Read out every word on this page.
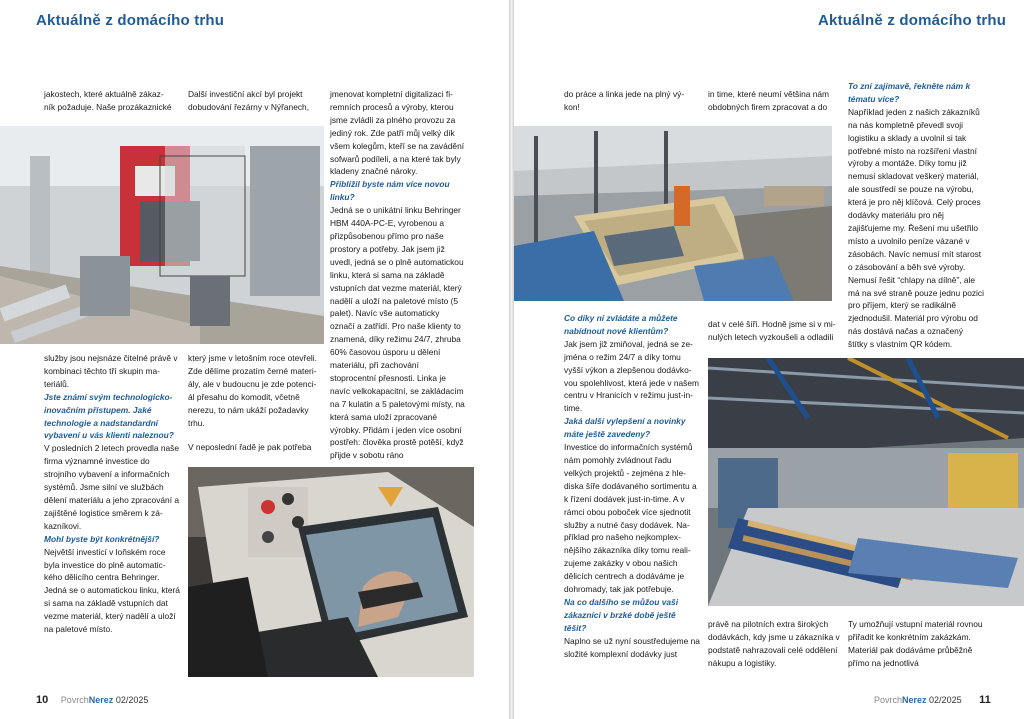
Aktuálně z domácího trhu

jakostech, které aktuálně zákazník požaduje. Naše prozákaznické

Další investiční akcí byl projekt dobudování řezárny v Nýřanech,

jmenovat kompletní digitalizaci firemních procesů a výroby, kterou jsme zvládli za plného provozu za jediný rok. Zde patří můj velký dík všem kolegům, kteří se na zavádění sofwarů podíleli, a na které tak byly kladeny značné nároky.

Přiblížil byste nám více novou linku?

Jedná se o unikátní linku Behringer HBM 440A-PC-E, vyrobenou a přizpůsobenou přímo pro naše prostory a potřeby. Jak jsem již uvedl, jedná se o plně automatickou linku, která si sama na základě vstupních dat vezme materiál, který nadělí a uloží na paletové místo (5 palet). Navíc vše automaticky označí a zatřídí. Pro naše klienty to znamená, díky režimu 24/7, zhruba 60% časovou úsporu u dělení materiálu, při zachování stoprocentní přesnosti. Linka je navíc velkokapacitní, se zakládacím na 7 kulatin a 5 paletovými místy, na která sama uloží zpracované výrobky. Přidám i jeden více osobní postřeh: člověka prostě potěší, když přijde v sobotu ráno

služby jsou nejsnáze čitelné právě v kombinaci těchto tří skupin materiálů.

Jste známí svým technologicko-inovačním přístupem. Jaké technologie a nadstandardní vybavení u vás klienti naleznou?

V posledních 2 letech provedla naše firma významné investice do strojního vybavení a informačních systémů. Jsme silní ve službách dělení materiálu a jeho zpracování a zajištěné logistice směrem k zákazníkovi.

Mohl byste být konkrétnější?

Největší investicí v loňském roce byla investice do plně automatického dělicího centra Behringer. Jedná se o automatickou linku, která si sama na základě vstupních dat vezme materiál, který nadělí a uloží na paletové místo.

který jsme v letošním roce otevřeli. Zde dělíme prozatím černé materiály, ale v budoucnu je zde potenciál přesahu do komodit, včetně nerezu, to nám ukáží požadavky trhu.

V neposlední řadě je pak potřeba

10 PovrchNerez 02/2025
Aktuálně z domácího trhu

do práce a linka jede na plný výkon!

in time, které neumí většina nám obdobných firem zpracovat a do

Co díky ní zvládáte a můžete nabídnout nové klientům?

Jak jsem již zmiňoval, jedná se zejména o režim 24/7 a díky tomu vyšší výkon a zlepšenou dodávkovou spolehlivost, která jede v našem centru v Hranicích v režimu just-in-time.

Jaká další vylepšení a novinky máte ještě zavedeny?

Investice do informačních systémů nám pomohly zvládnout řadu velkých projektů - zejména z hlediska šíře dodávaného sortimentu a k řízení dodávek just-in-time. A v rámci obou poboček více sjednotit služby a nutné časy dodávek. Například pro našeho nejkomplexnějšího zákazníka díky tomu realizujeme zakázky v obou našich dělicích centrech a dodáváme je dohromady, tak jak potřebuje.

Na co dalšího se můžou vaši zákazníci v brzké době ještě těšit?

Naplno se už nyní soustředujeme na složité komplexní dodávky just

dat v celé šíři. Hodně jsme si v minulých letech vyzkoušeli a odladili

To zní zajímavě, řekněte nám k tématu více?

Například jeden z našich zákazníků na nás kompletně převedl svoji logistiku a sklady a uvolnil si tak potřebné místo na rozšíření vlastní výroby a montáže. Díky tomu již nemusí skladovat veškerý materiál, ale soustředí se pouze na výrobu, která je pro něj klíčová. Celý proces dodávky materiálu pro něj zajišťujeme my. Řešení mu ušetřilo místo a uvolnilo peníze vázané v zásobách. Navíc nemusí mít starost o zásobování a běh své výroby. Nemusí řešit “chlapy na dílně”, ale má na své straně pouze jednu pozici pro příjem, který se radikálně zjednodušil. Materiál pro výrobu od nás dostává načas a označený štítky s vlastním QR kódem.

právě na pilotních extra širokých dodávkách, kdy jsme u zákazníka v podstatě nahrazovali celé oddělení nákupu a logistiky.

Ty umožňují vstupní materiál rovnou přiřadit ke konkrétním zakázkám. Materiál pak dodáváme průběžně přímo na jednotlivá

PovrchNerez 02/2025 11
